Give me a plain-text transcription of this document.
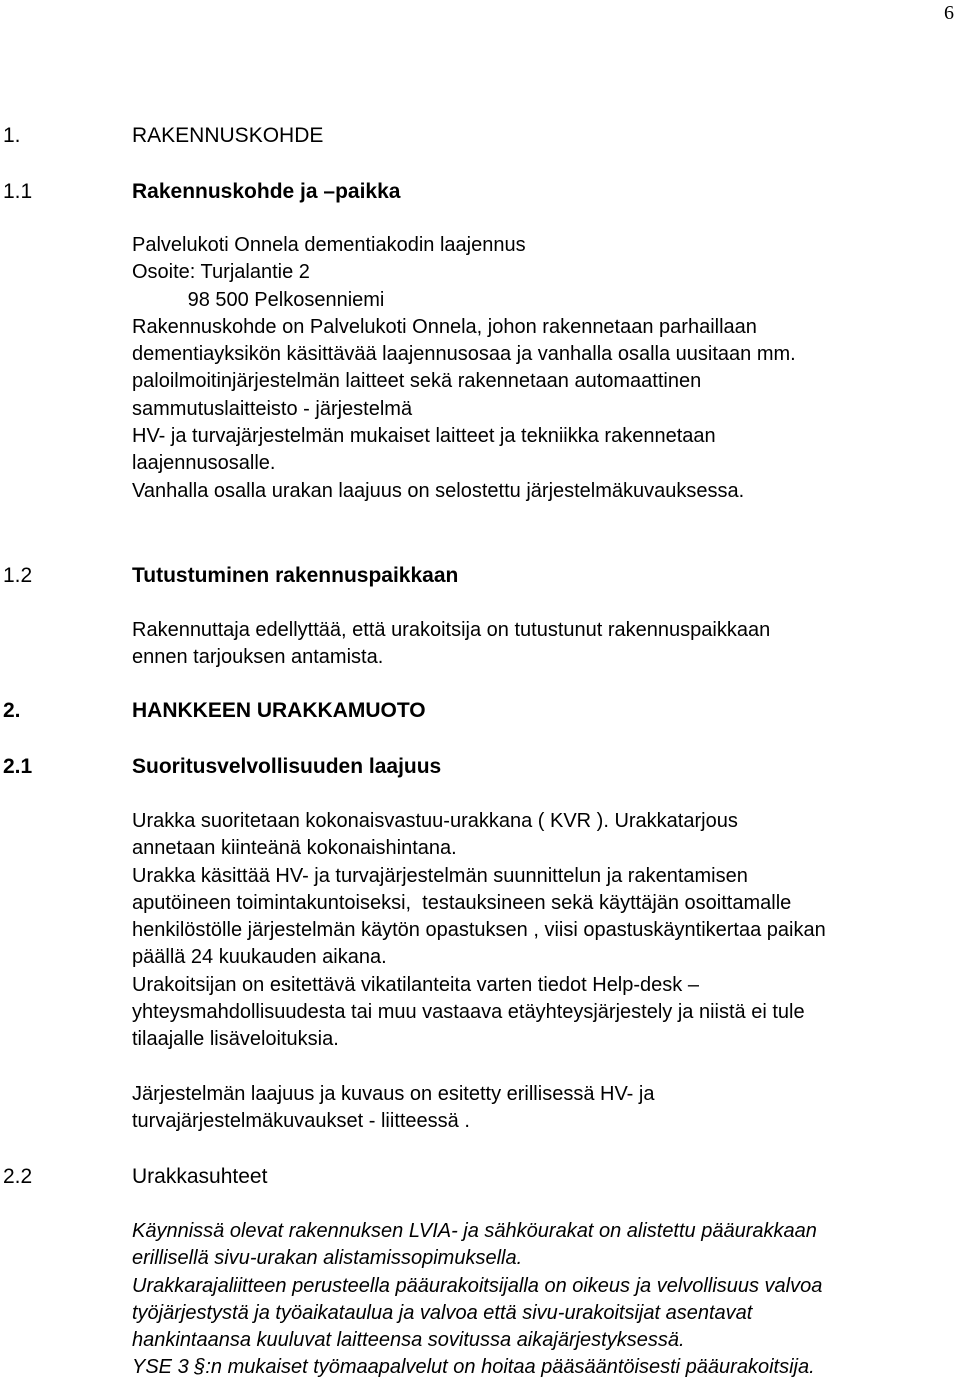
6
1.	RAKENNUSKOHDE
1.1	Rakennuskohde ja –paikka
Palvelukoti Onnela dementiakodin laajennus
Osoite: Turjalantie 2
98 500 Pelkosenniemi
Rakennuskohde on Palvelukoti Onnela, johon rakennetaan parhaillaan
dementiayksikön käsittävää laajennusosaa ja vanhalla osalla uusitaan mm.
paloilmoitinjärjestelmän laitteet sekä rakennetaan automaattinen
sammutuslaitteisto - järjestelmä
HV- ja turvajärjestelmän mukaiset laitteet ja tekniikka rakennetaan
laajennusosalle.
Vanhalla osalla urakan laajuus on selostettu järjestelmäkuvauksessa.
1.2	Tutustuminen rakennuspaikkaan
Rakennuttaja edellyttää, että urakoitsija on tutustunut rakennuspaikkaan
ennen tarjouksen antamista.
2.	HANKKEEN URAKKAMUOTO
2.1	Suoritusvelvollisuuden laajuus
Urakka suoritetaan kokonaisvastuu-urakkana ( KVR ). Urakkatarjous
annetaan kiinteänä kokonaishintana.
Urakka käsittää HV- ja turvajärjestelmän suunnittelun ja rakentamisen
aputöineen toimintakuntoiseksi,  testauksineen sekä käyttäjän osoittamalle
henkilöstölle järjestelmän käytön opastuksen , viisi opastuskäyntikertaa paikan
päällä 24 kuukauden aikana.
Urakoitsijan on esitettävä vikatilanteita varten tiedot Help-desk –
yhteysmahdollisuudesta tai muu vastaava etäyhteysjärjestely ja niistä ei tule
tilaajalle lisäveloituksia.
Järjestelmän laajuus ja kuvaus on esitetty erillisessä HV- ja
turvajärjestelmäkuvaukset - liitteessä .
2.2	Urakkasuhteet
Käynnissä olevat rakennuksen LVIA- ja sähköurakat on alistettu pääurakkaan
erillisellä sivu-urakan alistamissopimuksella.
Urakkarajaliitteen perusteella pääurakoitsijalla on oikeus ja velvollisuus valvoa
työjärjestystä ja työaikataulua ja valvoa että sivu-urakoitsijat asentavat
hankintaansa kuuluvat laitteensa sovitussa aikajärjestyksessä.
YSE 3 §:n mukaiset työmaapalvelut on hoitaa pääsääntöisesti pääurakoitsija.
